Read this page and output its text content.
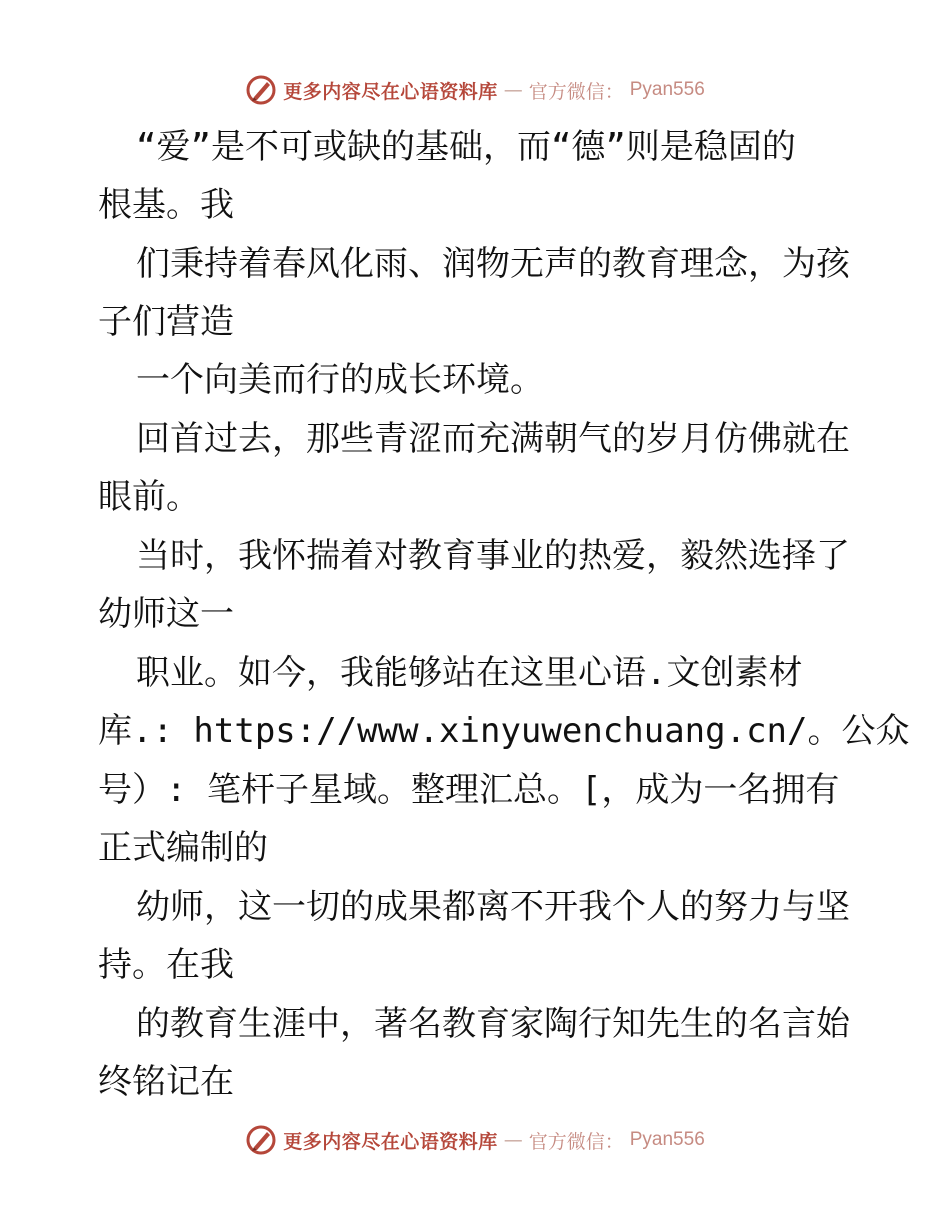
更多内容尽在心语资料库 — 官方微信： Pyan556
“爱”是不可或缺的基础，而“德”则是稳固的
根基。我
们秉持着春风化雨、润物无声的教育理念，为孩
子们营造
一个向美而行的成长环境。
回首过去，那些青涩而充满朝气的岁月仿佛就在
眼前。
当时，我怀揣着对教育事业的热爱，毅然选择了
幼师这一
职业。如今，我能够站在这里心语.文创素材
库.: https://www.xinyuwenchuang.cn/。公众
号）: 笔杆子星域。整理汇总。[，成为一名拥有
正式编制的
幼师，这一切的成果都离不开我个人的努力与坚
持。在我
的教育生涯中，著名教育家陶行知先生的名言始
终铭记在
更多内容尽在心语资料库 — 官方微信： Pyan556
